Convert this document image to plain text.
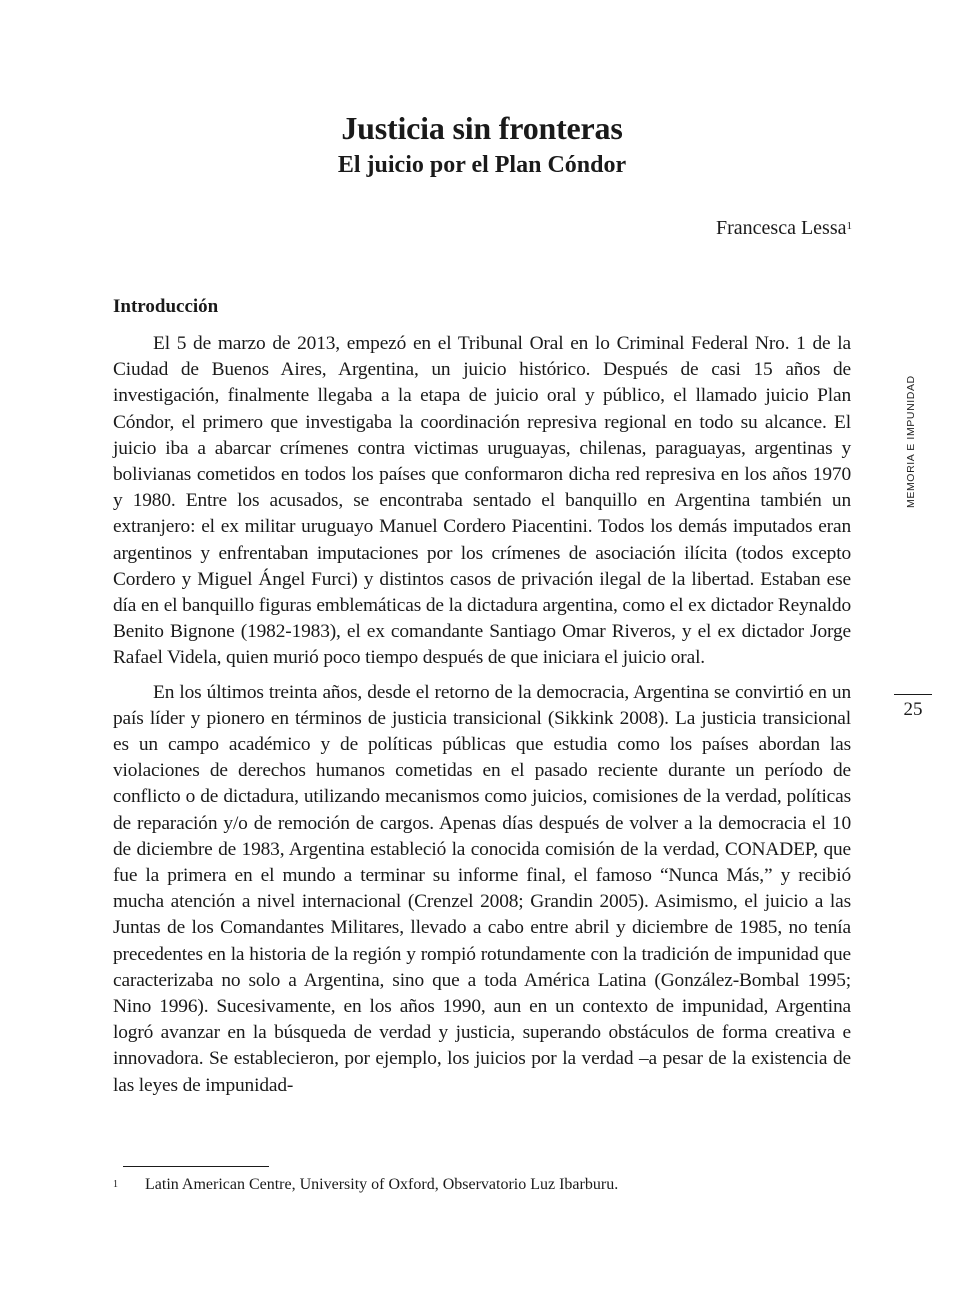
Justicia sin fronteras
El juicio por el Plan Cóndor
Francesca Lessa$^1$
Introducción

El 5 de marzo de 2013, empezó en el Tribunal Oral en lo Criminal Federal Nro. 1 de la Ciudad de Buenos Aires, Argentina, un juicio histórico. Después de casi 15 años de investigación, finalmente llegaba a la etapa de juicio oral y público, el llamado juicio Plan Cóndor, el primero que investigaba la coordinación represiva regional en todo su alcance. El juicio iba a abarcar crímenes contra victimas uruguayas, chilenas, paraguayas, argentinas y bolivianas cometidos en todos los países que conformaron dicha red represiva en los años 1970 y 1980. Entre los acusados, se encontraba sentado el banquillo en Argentina también un extranjero: el ex militar uruguayo Manuel Cordero Piacentini. Todos los demás imputados eran argentinos y enfrentaban imputaciones por los crímenes de asociación ilícita (todos excepto Cordero y Miguel Ángel Furci) y distintos casos de privación ilegal de la libertad. Estaban ese día en el banquillo figuras emblemáticas de la dictadura argentina, como el ex dictador Reynaldo Benito Bignone (1982-1983), el ex comandante Santiago Omar Riveros, y el ex dictador Jorge Rafael Videla, quien murió poco tiempo después de que iniciara el juicio oral.

En los últimos treinta años, desde el retorno de la democracia, Argentina se convirtió en un país líder y pionero en términos de justicia transicional (Sikkink 2008). La justicia transicional es un campo académico y de políticas públicas que estudia como los países abordan las violaciones de derechos humanos cometidas en el pasado reciente durante un período de conflicto o de dictadura, utilizando mecanismos como juicios, comisiones de la verdad, políticas de reparación y/o de remoción de cargos. Apenas días después de volver a la democracia el 10 de diciembre de 1983, Argentina estableció la conocida comisión de la verdad, CONADEP, que fue la primera en el mundo a terminar su informe final, el famoso “Nunca Más,” y recibió mucha atención a nivel internacional (Crenzel 2008; Grandin 2005). Asimismo, el juicio a las Juntas de los Comandantes Militares, llevado a cabo entre abril y diciembre de 1985, no tenía precedentes en la historia de la región y rompió rotundamente con la tradición de impunidad que caracterizaba no solo a Argentina, sino que a toda América Latina (González-Bombal 1995; Nino 1996). Sucesivamente, en los años 1990, aun en un contexto de impunidad, Argentina logró avanzar en la búsqueda de verdad y justicia, superando obstáculos de forma creativa e innovadora. Se establecieron, por ejemplo, los juicios por la verdad –a pesar de la existencia de las leyes de impunidad-

MEMORIA E IMPUNIDAD
25
1 Latin American Centre, University of Oxford, Observatorio Luz Ibarburu.
